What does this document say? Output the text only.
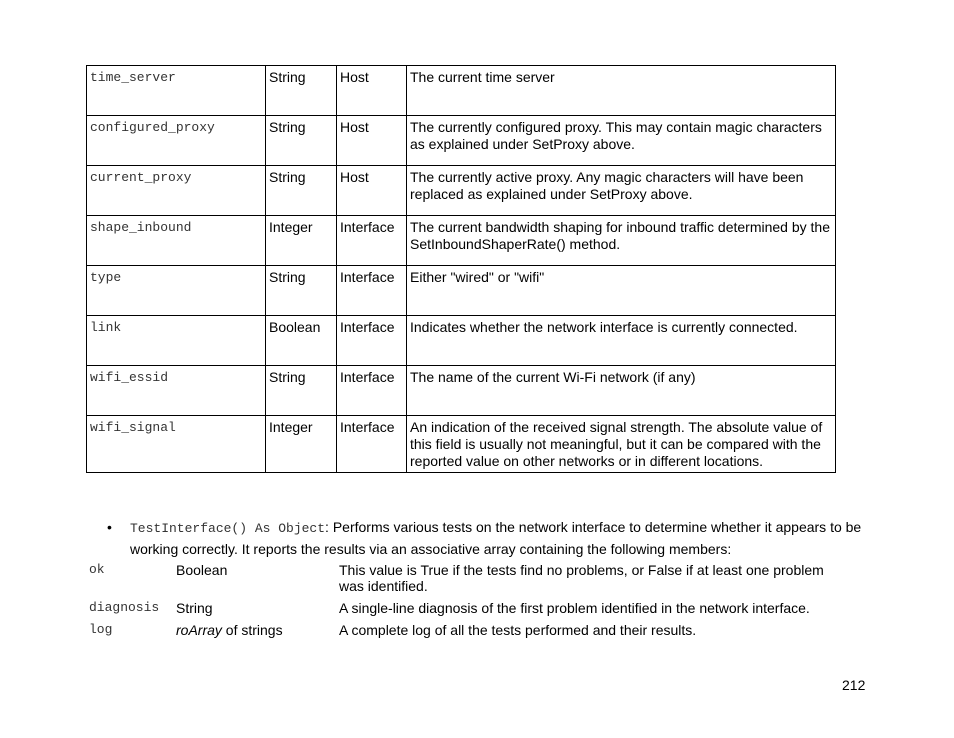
time_server	String	Host	The current time server
configured_proxy	String	Host	The currently configured proxy. This may contain magic characters as explained under SetProxy above.
current_proxy	String	Host	The currently active proxy. Any magic characters will have been replaced as explained under SetProxy above.
shape_inbound	Integer	Interface	The current bandwidth shaping for inbound traffic determined by the SetInboundShaperRate() method.
type	String	Interface	Either "wired" or "wifi"
link	Boolean	Interface	Indicates whether the network interface is currently connected.
wifi_essid	String	Interface	The name of the current Wi-Fi network (if any)
wifi_signal	Integer	Interface	An indication of the received signal strength. The absolute value of this field is usually not meaningful, but it can be compared with the reported value on other networks or in different locations.
• TestInterface() As Object: Performs various tests on the network interface to determine whether it appears to be working correctly. It reports the results via an associative array containing the following members:
ok	Boolean	This value is True if the tests find no problems, or False if at least one problem was identified.
diagnosis	String	A single-line diagnosis of the first problem identified in the network interface.
log	roArray of strings	A complete log of all the tests performed and their results.
212
